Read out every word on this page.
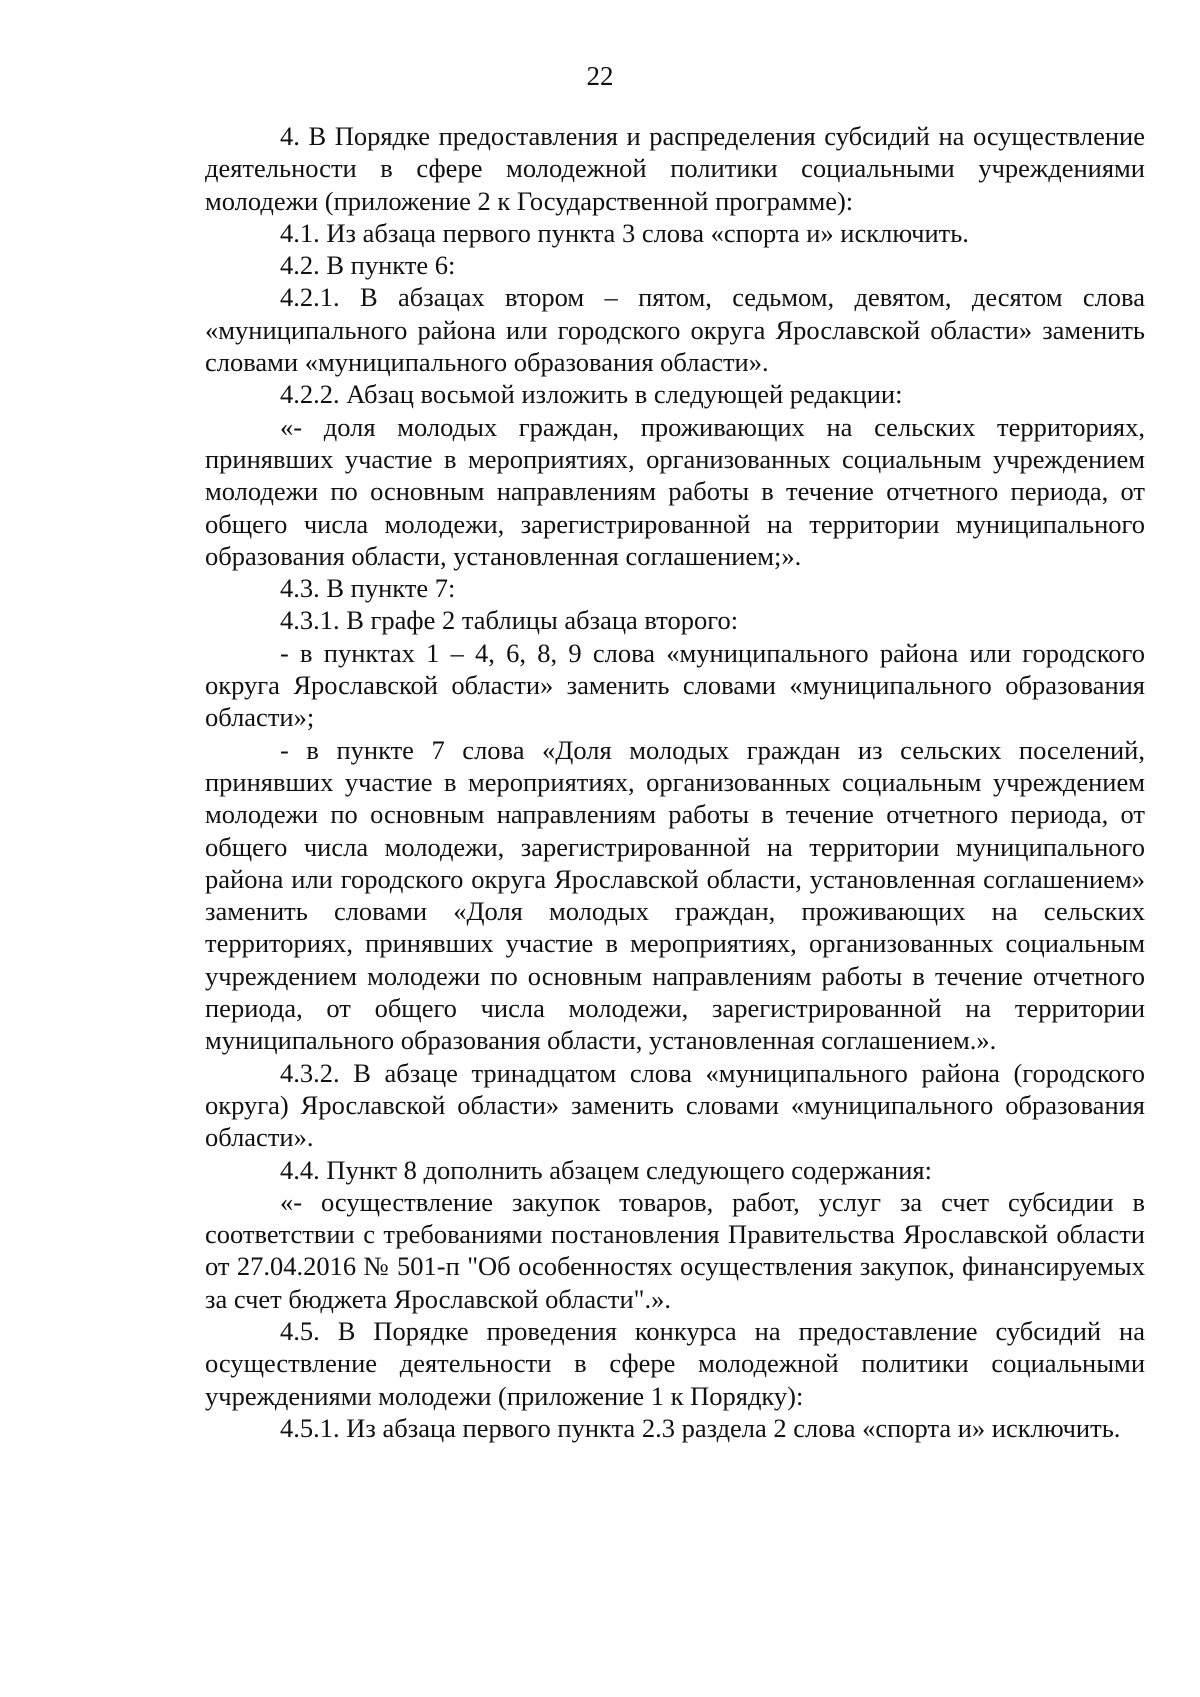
22

4. В Порядке предоставления и распределения субсидий на осуществление деятельности в сфере молодежной политики социальными учреждениями молодежи (приложение 2 к Государственной программе):

4.1. Из абзаца первого пункта 3 слова «спорта и» исключить.

4.2. В пункте 6:

4.2.1. В абзацах втором – пятом, седьмом, девятом, десятом слова «муниципального района или городского округа Ярославской области» заменить словами «муниципального образования области».

4.2.2. Абзац восьмой изложить в следующей редакции:

«- доля молодых граждан, проживающих на сельских территориях, принявших участие в мероприятиях, организованных социальным учреждением молодежи по основным направлениям работы в течение отчетного периода, от общего числа молодежи, зарегистрированной на территории муниципального образования области, установленная соглашением;».

4.3. В пункте 7:

4.3.1. В графе 2 таблицы абзаца второго:

- в пунктах 1 – 4, 6, 8, 9 слова «муниципального района или городского округа Ярославской области» заменить словами «муниципального образования области»;

- в пункте 7 слова «Доля молодых граждан из сельских поселений, принявших участие в мероприятиях, организованных социальным учреждением молодежи по основным направлениям работы в течение отчетного периода, от общего числа молодежи, зарегистрированной на территории муниципального района или городского округа Ярославской области, установленная соглашением» заменить словами «Доля молодых граждан, проживающих на сельских территориях, принявших участие в мероприятиях, организованных социальным учреждением молодежи по основным направлениям работы в течение отчетного периода, от общего числа молодежи, зарегистрированной на территории муниципального образования области, установленная соглашением.».

4.3.2. В абзаце тринадцатом слова «муниципального района (городского округа) Ярославской области» заменить словами «муниципального образования области».

4.4. Пункт 8 дополнить абзацем следующего содержания:

«- осуществление закупок товаров, работ, услуг за счет субсидии в соответствии с требованиями постановления Правительства Ярославской области от 27.04.2016 № 501-п "Об особенностях осуществления закупок, финансируемых за счет бюджета Ярославской области".».

4.5. В Порядке проведения конкурса на предоставление субсидий на осуществление деятельности в сфере молодежной политики социальными учреждениями молодежи (приложение 1 к Порядку):

4.5.1. Из абзаца первого пункта 2.3 раздела 2 слова «спорта и» исключить.
